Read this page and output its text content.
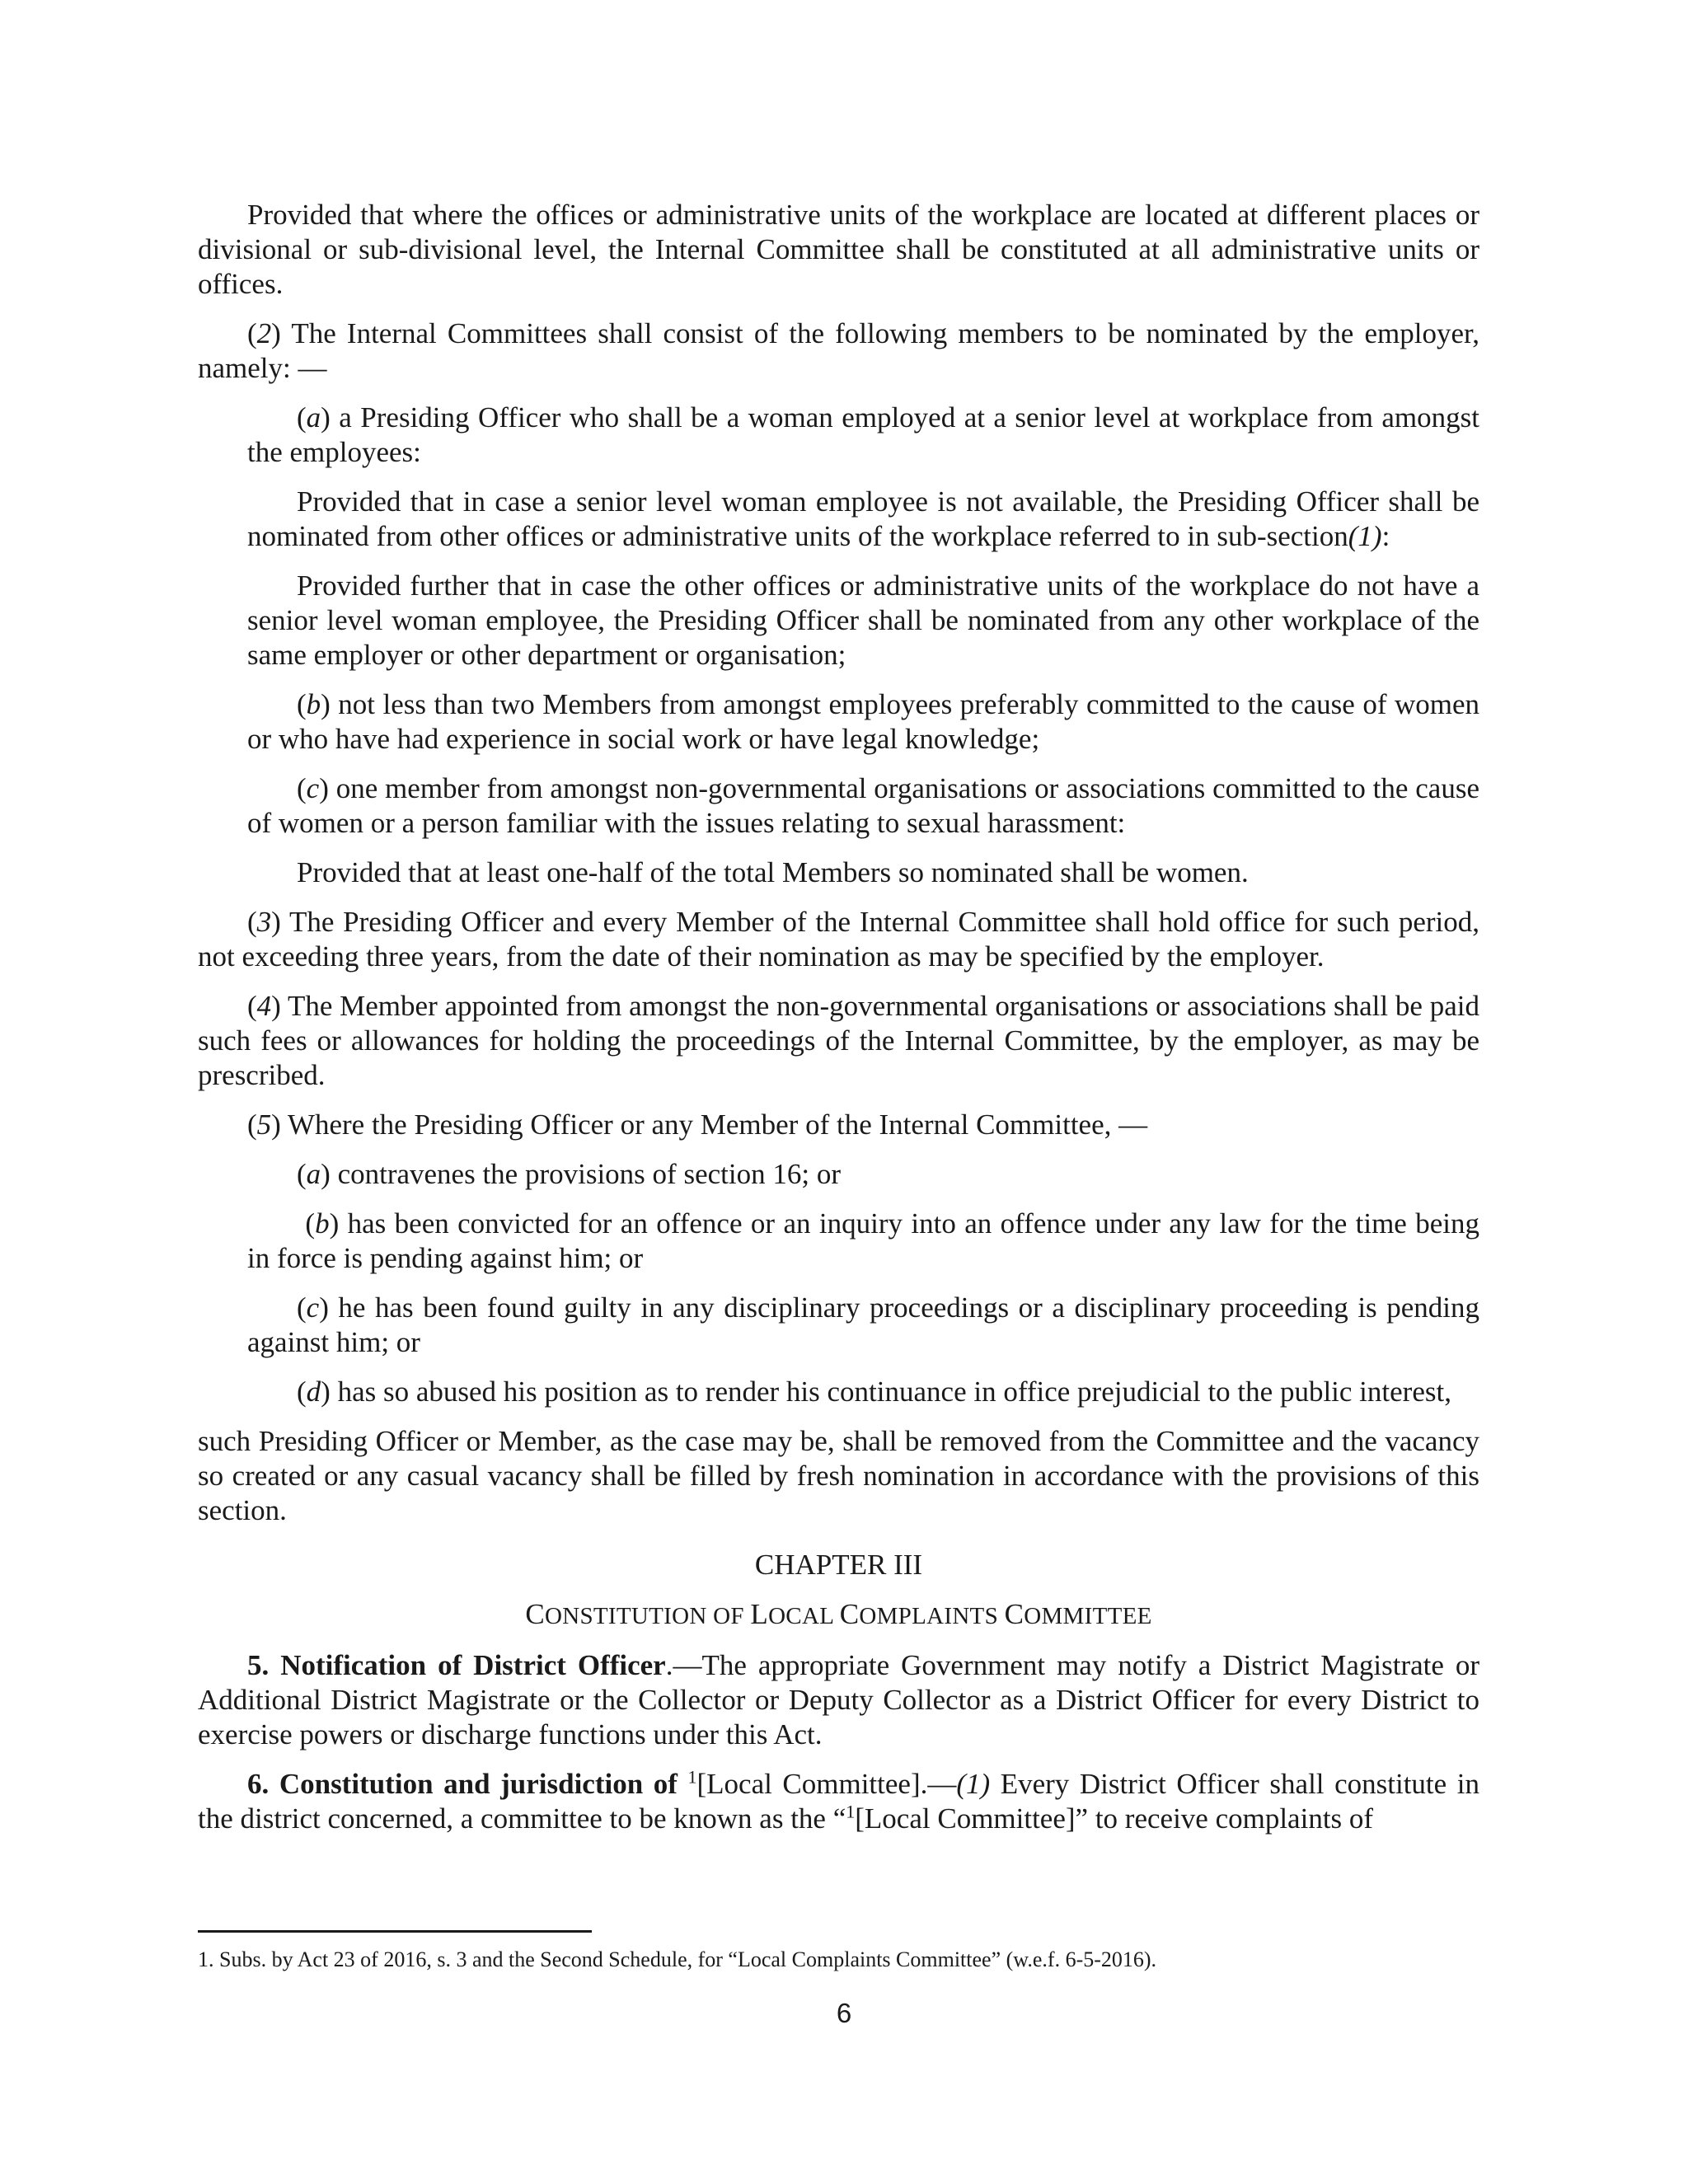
Provided that where the offices or administrative units of the workplace are located at different places or divisional or sub-divisional level, the Internal Committee shall be constituted at all administrative units or offices.

(2) The Internal Committees shall consist of the following members to be nominated by the employer, namely: —

(a) a Presiding Officer who shall be a woman employed at a senior level at workplace from amongst the employees:

Provided that in case a senior level woman employee is not available, the Presiding Officer shall be nominated from other offices or administrative units of the workplace referred to in sub-section(1):

Provided further that in case the other offices or administrative units of the workplace do not have a senior level woman employee, the Presiding Officer shall be nominated from any other workplace of the same employer or other department or organisation;

(b) not less than two Members from amongst employees preferably committed to the cause of women or who have had experience in social work or have legal knowledge;

(c) one member from amongst non-governmental organisations or associations committed to the cause of women or a person familiar with the issues relating to sexual harassment:

Provided that at least one-half of the total Members so nominated shall be women.

(3) The Presiding Officer and every Member of the Internal Committee shall hold office for such period, not exceeding three years, from the date of their nomination as may be specified by the employer.

(4) The Member appointed from amongst the non-governmental organisations or associations shall be paid such fees or allowances for holding the proceedings of the Internal Committee, by the employer, as may be prescribed.

(5) Where the Presiding Officer or any Member of the Internal Committee, —

(a) contravenes the provisions of section 16; or

(b) has been convicted for an offence or an inquiry into an offence under any law for the time being in force is pending against him; or

(c) he has been found guilty in any disciplinary proceedings or a disciplinary proceeding is pending against him; or

(d) has so abused his position as to render his continuance in office prejudicial to the public interest,

such Presiding Officer or Member, as the case may be, shall be removed from the Committee and the vacancy so created or any casual vacancy shall be filled by fresh nomination in accordance with the provisions of this section.

CHAPTER III

CONSTITUTION OF LOCAL COMPLAINTS COMMITTEE

5. Notification of District Officer.—The appropriate Government may notify a District Magistrate or Additional District Magistrate or the Collector or Deputy Collector as a District Officer for every District to exercise powers or discharge functions under this Act.

6. Constitution and jurisdiction of $^1$[Local Committee].—(1) Every District Officer shall constitute in the district concerned, a committee to be known as the “$^1$[Local Committee]” to receive complaints of

1. Subs. by Act 23 of 2016, s. 3 and the Second Schedule, for “Local Complaints Committee” (w.e.f. 6-5-2016).
6
